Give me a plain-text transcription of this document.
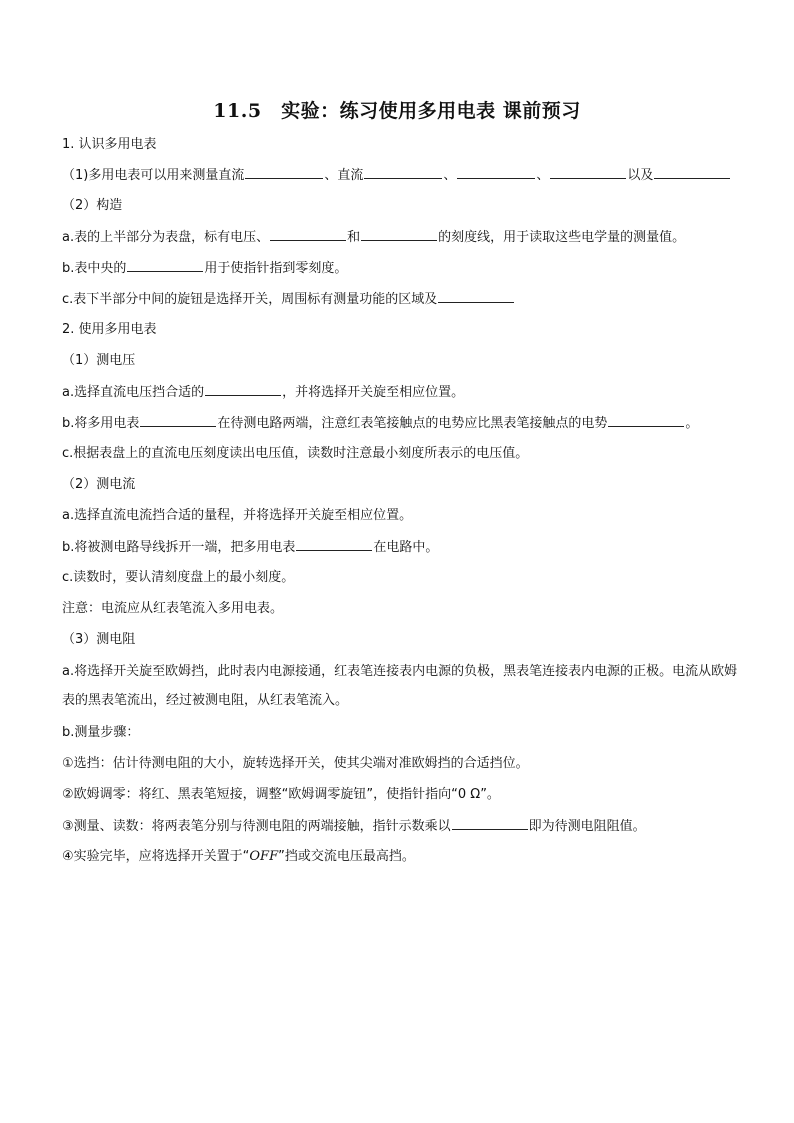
11.5　实验：练习使用多用电表 课前预习
1. 认识多用电表
（1)多用电表可以用来测量直流	、直流	、	、	以及
（2）构造
a.表的上半部分为表盘，标有电压、	和	的刻度线，用于读取这些电学量的测量值。
b.表中央的	用于使指针指到零刻度。
c.表下半部分中间的旋钮是选择开关，周围标有测量功能的区域及
2. 使用多用电表
（1）测电压
a.选择直流电压挡合适的	，并将选择开关旋至相应位置。
b.将多用电表	在待测电路两端，注意红表笔接触点的电势应比黑表笔接触点的电势	。
c.根据表盘上的直流电压刻度读出电压值，读数时注意最小刻度所表示的电压值。
（2）测电流
a.选择直流电流挡合适的量程，并将选择开关旋至相应位置。
b.将被测电路导线拆开一端，把多用电表	在电路中。
c.读数时，要认清刻度盘上的最小刻度。
注意：电流应从红表笔流入多用电表。
（3）测电阻
a.将选择开关旋至欧姆挡，此时表内电源接通，红表笔连接表内电源的负极，黑表笔连接表内电源的正极。电流从欧姆表的黑表笔流出，经过被测电阻，从红表笔流入。
b.测量步骤：
①选挡：估计待测电阻的大小，旋转选择开关，使其尖端对准欧姆挡的合适挡位。
②欧姆调零：将红、黑表笔短接，调整“欧姆调零旋钮”，使指针指向“0 Ω”。
③测量、读数：将两表笔分别与待测电阻的两端接触，指针示数乘以	即为待测电阻阻值。
④实验完毕，应将选择开关置于“OFF”挡或交流电压最高挡。
